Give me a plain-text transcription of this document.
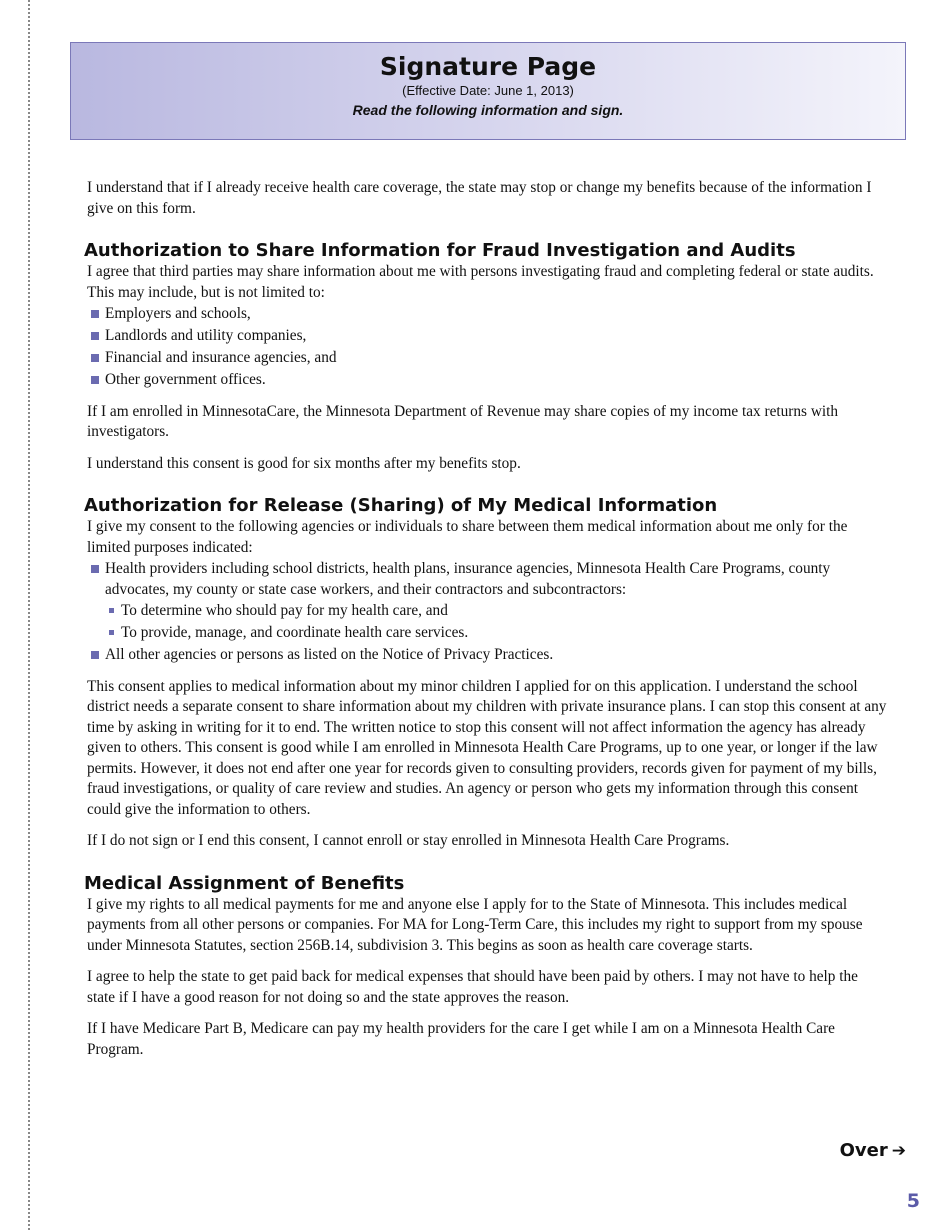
Signature Page
(Effective Date: June 1, 2013)
Read the following information and sign.

I understand that if I already receive health care coverage, the state may stop or change my benefits because of the information I give on this form.

Authorization to Share Information for Fraud Investigation and Audits

I agree that third parties may share information about me with persons investigating fraud and completing federal or state audits. This may include, but is not limited to:

Employers and schools,
Landlords and utility companies,
Financial and insurance agencies, and
Other government offices.

If I am enrolled in MinnesotaCare, the Minnesota Department of Revenue may share copies of my income tax returns with investigators.

I understand this consent is good for six months after my benefits stop.

Authorization for Release (Sharing) of My Medical Information

I give my consent to the following agencies or individuals to share between them medical information about me only for the limited purposes indicated:

Health providers including school districts, health plans, insurance agencies, Minnesota Health Care Programs, county advocates, my county or state case workers, and their contractors and subcontractors:
To determine who should pay for my health care, and
To provide, manage, and coordinate health care services.
All other agencies or persons as listed on the Notice of Privacy Practices.

This consent applies to medical information about my minor children I applied for on this application. I understand the school district needs a separate consent to share information about my children with private insurance plans. I can stop this consent at any time by asking in writing for it to end. The written notice to stop this consent will not affect information the agency has already given to others. This consent is good while I am enrolled in Minnesota Health Care Programs, up to one year, or longer if the law permits. However, it does not end after one year for records given to consulting providers, records given for payment of my bills, fraud investigations, or quality of care review and studies. An agency or person who gets my information through this consent could give the information to others.

If I do not sign or I end this consent, I cannot enroll or stay enrolled in Minnesota Health Care Programs.

Medical Assignment of Benefits

I give my rights to all medical payments for me and anyone else I apply for to the State of Minnesota. This includes medical payments from all other persons or companies. For MA for Long-Term Care, this includes my right to support from my spouse under Minnesota Statutes, section 256B.14, subdivision 3. This begins as soon as health care coverage starts.

I agree to help the state to get paid back for medical expenses that should have been paid by others. I may not have to help the state if I have a good reason for not doing so and the state approves the reason.

If I have Medicare Part B, Medicare can pay my health providers for the care I get while I am on a Minnesota Health Care Program.

Over ➔
5
